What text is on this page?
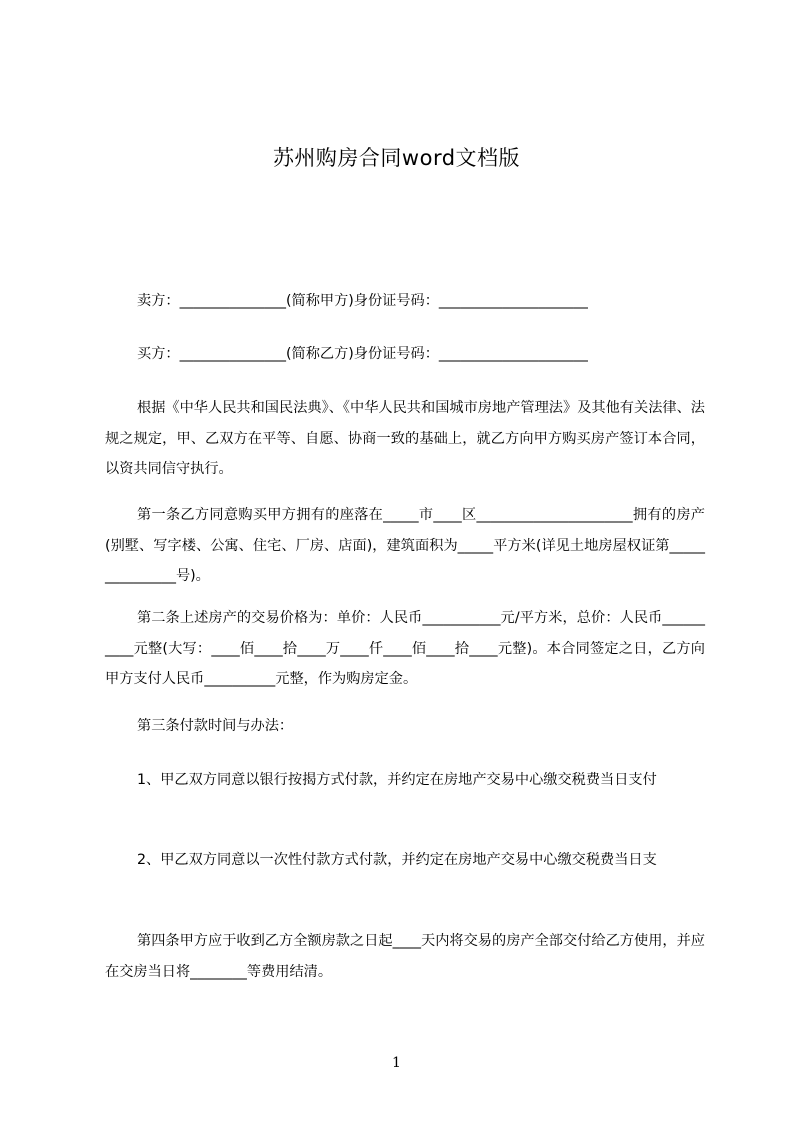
苏州购房合同word文档版
卖方：_______________(简称甲方)身份证号码：_____________________
买方：_______________(简称乙方)身份证号码：_____________________
根据《中华人民共和国民法典》、《中华人民共和国城市房地产管理法》及其他有关法律、法规之规定，甲、乙双方在平等、自愿、协商一致的基础上，就乙方向甲方购买房产签订本合同，以资共同信守执行。
第一条乙方同意购买甲方拥有的座落在_____市____区______________________拥有的房产(别墅、写字楼、公寓、住宅、厂房、店面)，建筑面积为_____平方米(详见土地房屋权证第_______________号)。
第二条上述房产的交易价格为：单价：人民币___________元/平方米，总价：人民币__________元整(大写：____佰____拾____万____仟____佰____拾____元整)。本合同签定之日，乙方向甲方支付人民币__________元整，作为购房定金。
第三条付款时间与办法：
1、甲乙双方同意以银行按揭方式付款，并约定在房地产交易中心缴交税费当日支付
2、甲乙双方同意以一次性付款方式付款，并约定在房地产交易中心缴交税费当日支
第四条甲方应于收到乙方全额房款之日起____天内将交易的房产全部交付给乙方使用，并应在交房当日将________等费用结清。
1
